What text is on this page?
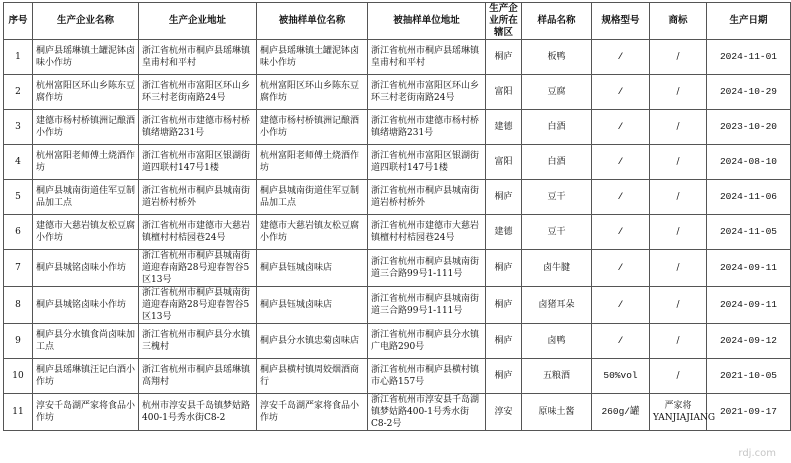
序号	生产企业名称	生产企业地址	被抽样单位名称	被抽样单位地址	生产企业所在辖区	样品名称	规格型号	商标	生产日期
1	桐庐县瑶琳镇土罐泥钵卤味小作坊	浙江省杭州市桐庐县瑶琳镇皇甫村和平村	桐庐县瑶琳镇土罐泥钵卤味小作坊	浙江省杭州市桐庐县瑶琳镇皇甫村和平村	桐庐	板鸭	/	/	2024-11-01
2	杭州富阳区环山乡陈东豆腐作坊	浙江省杭州市富阳区环山乡环三村老街南路24号	杭州富阳区环山乡陈东豆腐作坊	浙江省杭州市富阳区环山乡环三村老街南路24号	富阳	豆腐	/	/	2024-10-29
3	建德市杨村桥镇洲记酿酒小作坊	浙江省杭州市建德市杨村桥镇绪塘路231号	建德市杨村桥镇洲记酿酒小作坊	浙江省杭州市建德市杨村桥镇绪塘路231号	建德	白酒	/	/	2023-10-20
4	杭州富阳老师傅土烧酒作坊	浙江省杭州市富阳区银湖街道四联村147号1楼	杭州富阳老师傅土烧酒作坊	浙江省杭州市富阳区银湖街道四联村147号1楼	富阳	白酒	/	/	2024-08-10
5	桐庐县城南街道佳军豆制品加工点	浙江省杭州市桐庐县城南街道岩桥村桥外	桐庐县城南街道佳军豆制品加工点	浙江省杭州市桐庐县城南街道岩桥村桥外	桐庐	豆干	/	/	2024-11-06
6	建德市大慈岩镇友松豆腐小作坊	浙江省杭州市建德市大慈岩镇檀村村桔园巷24号	建德市大慈岩镇友松豆腐小作坊	浙江省杭州市建德市大慈岩镇檀村村桔园巷24号	建德	豆干	/	/	2024-11-05
7	桐庐县城铭卤味小作坊	浙江省杭州市桐庐县城南街道迎春南路28号迎春智谷5区13号	桐庐县钰城卤味店	浙江省杭州市桐庐县城南街道三合路99号1-111号	桐庐	卤牛腱	/	/	2024-09-11
8	桐庐县城铭卤味小作坊	浙江省杭州市桐庐县城南街道迎春南路28号迎春智谷5区13号	桐庐县钰城卤味店	浙江省杭州市桐庐县城南街道三合路99号1-111号	桐庐	卤猪耳朵	/	/	2024-09-11
9	桐庐县分水镇食尚卤味加工点	浙江省杭州市桐庐县分水镇三槐村	桐庐县分水镇忠菊卤味店	浙江省杭州市桐庐县分水镇广电路290号	桐庐	卤鸭	/	/	2024-09-12
10	桐庐县瑶琳镇汪记白酒小作坊	浙江省杭州市桐庐县瑶琳镇高翔村	桐庐县横村镇周姣烟酒商行	浙江省杭州市桐庐县横村镇市心路157号	桐庐	五粮酒	50%vol	/	2021-10-05
11	淳安千岛湖严家将食品小作坊	杭州市淳安县千岛镇梦姑路400-1号秀水街C8-2	淳安千岛湖严家将食品小作坊	浙江省杭州市淳安县千岛湖镇梦姑路400-1号秀水街C8-2号	淳安	原味土酱	260g/罐	严家将 YANJIAJIANG	2021-09-17
rdj.com
